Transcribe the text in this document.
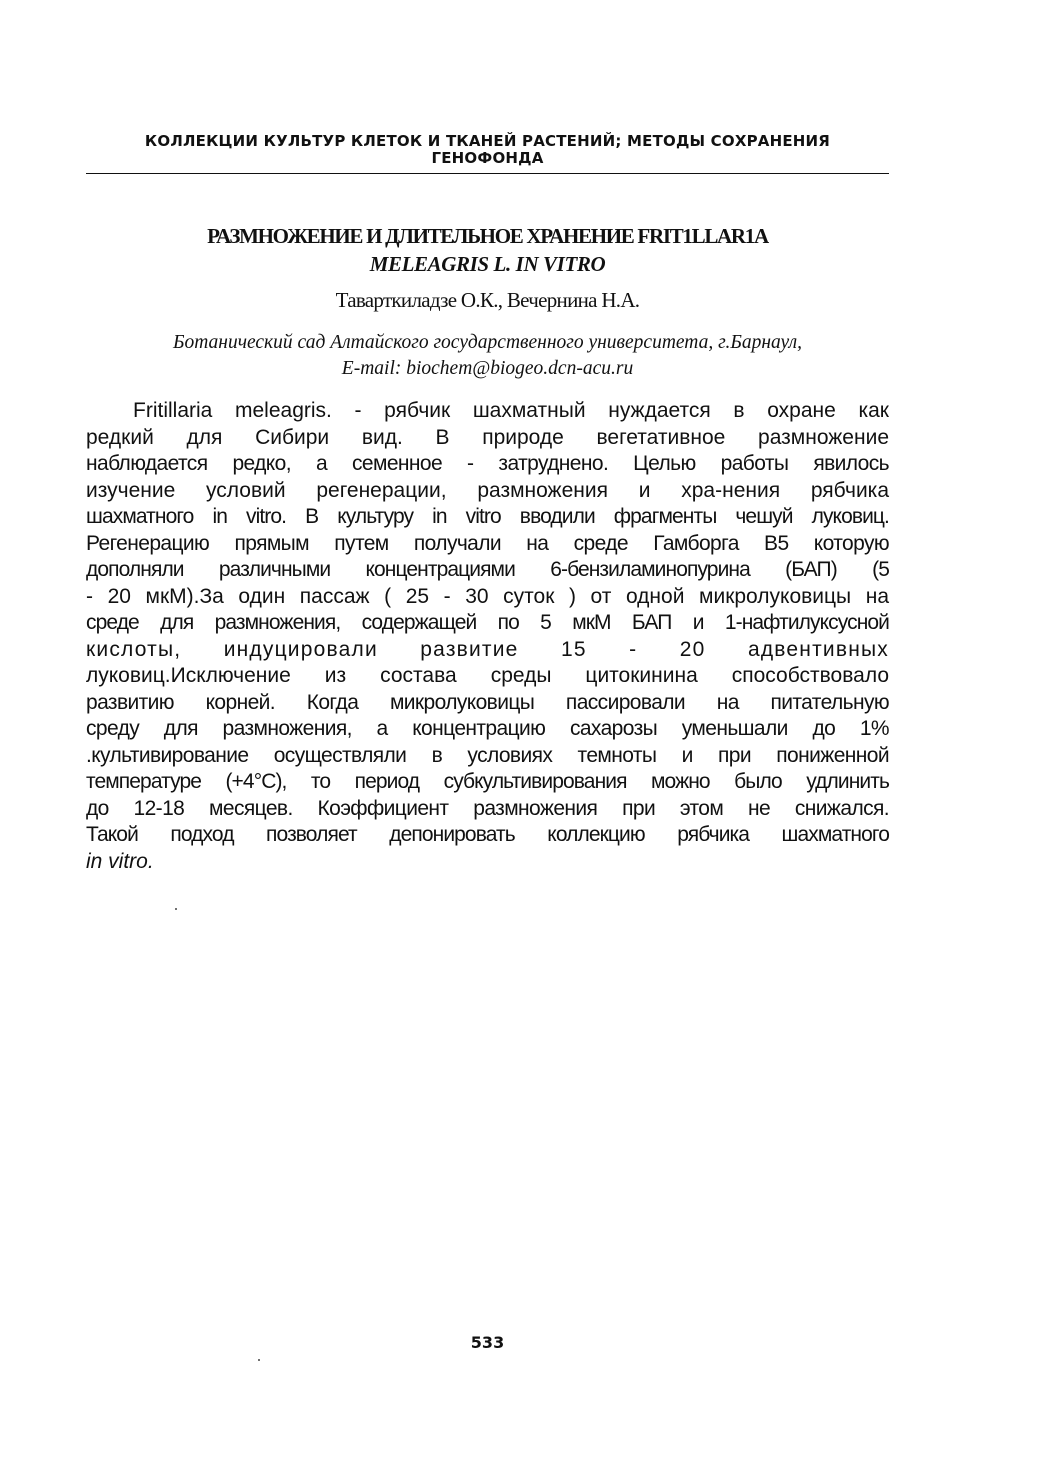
КОЛЛЕКЦИИ КУЛЬТУР КЛЕТОК И ТКАНЕЙ РАСТЕНИЙ; МЕТОДЫ СОХРАНЕНИЯ
ГЕНОФОНДА
РАЗМНОЖЕНИЕ И ДЛИТЕЛЬНОЕ ХРАНЕНИЕ FRIT1LLAR1A
MELEAGRIS L. IN VITRO
Таварткиладзе О.К., Вечернина Н.А.
Ботанический сад Алтайского государственного университета, г.Барнаул,
E-mail: biochem@biogeo.dcn-acu.ru
Fritillaria meleagris. - рябчик шахматный нуждается в охране как
редкий для Сибири вид. В природе вегетативное размножение
наблюдается редко, а семенное - затруднено. Целью работы явилось
изучение условий регенерации, размножения и хра-нения рябчика
шахматного in vitro. В культуру in vitro вводили фрагменты чешуй луковиц.
Регенерацию прямым путем получали на среде Гамборга В5 которую
дополняли различными концентрациями 6-бензиламинопурина (БАП) (5
- 20 мкМ).За один пассаж ( 25 - 30 суток ) от одной микролуковицы на
среде для размножения, содержащей по 5 мкМ БАП и 1-нафтилуксусной
кислоты, индуцировали развитие 15 - 20 адвентивных
луковиц.Исключение из состава среды цитокинина способствовало
развитию корней. Когда микролуковицы пассировали на питательную
среду для размножения, а концентрацию сахарозы уменьшали до 1%
.культивирование осуществляли в условиях темноты и при пониженной
температуре (+4°С), то период субкультивирования можно было удлинить
до 12-18 месяцев. Коэффициент размножения при этом не снижался.
Такой подход позволяет депонировать коллекцию рябчика шахматного
in vitro.
533
